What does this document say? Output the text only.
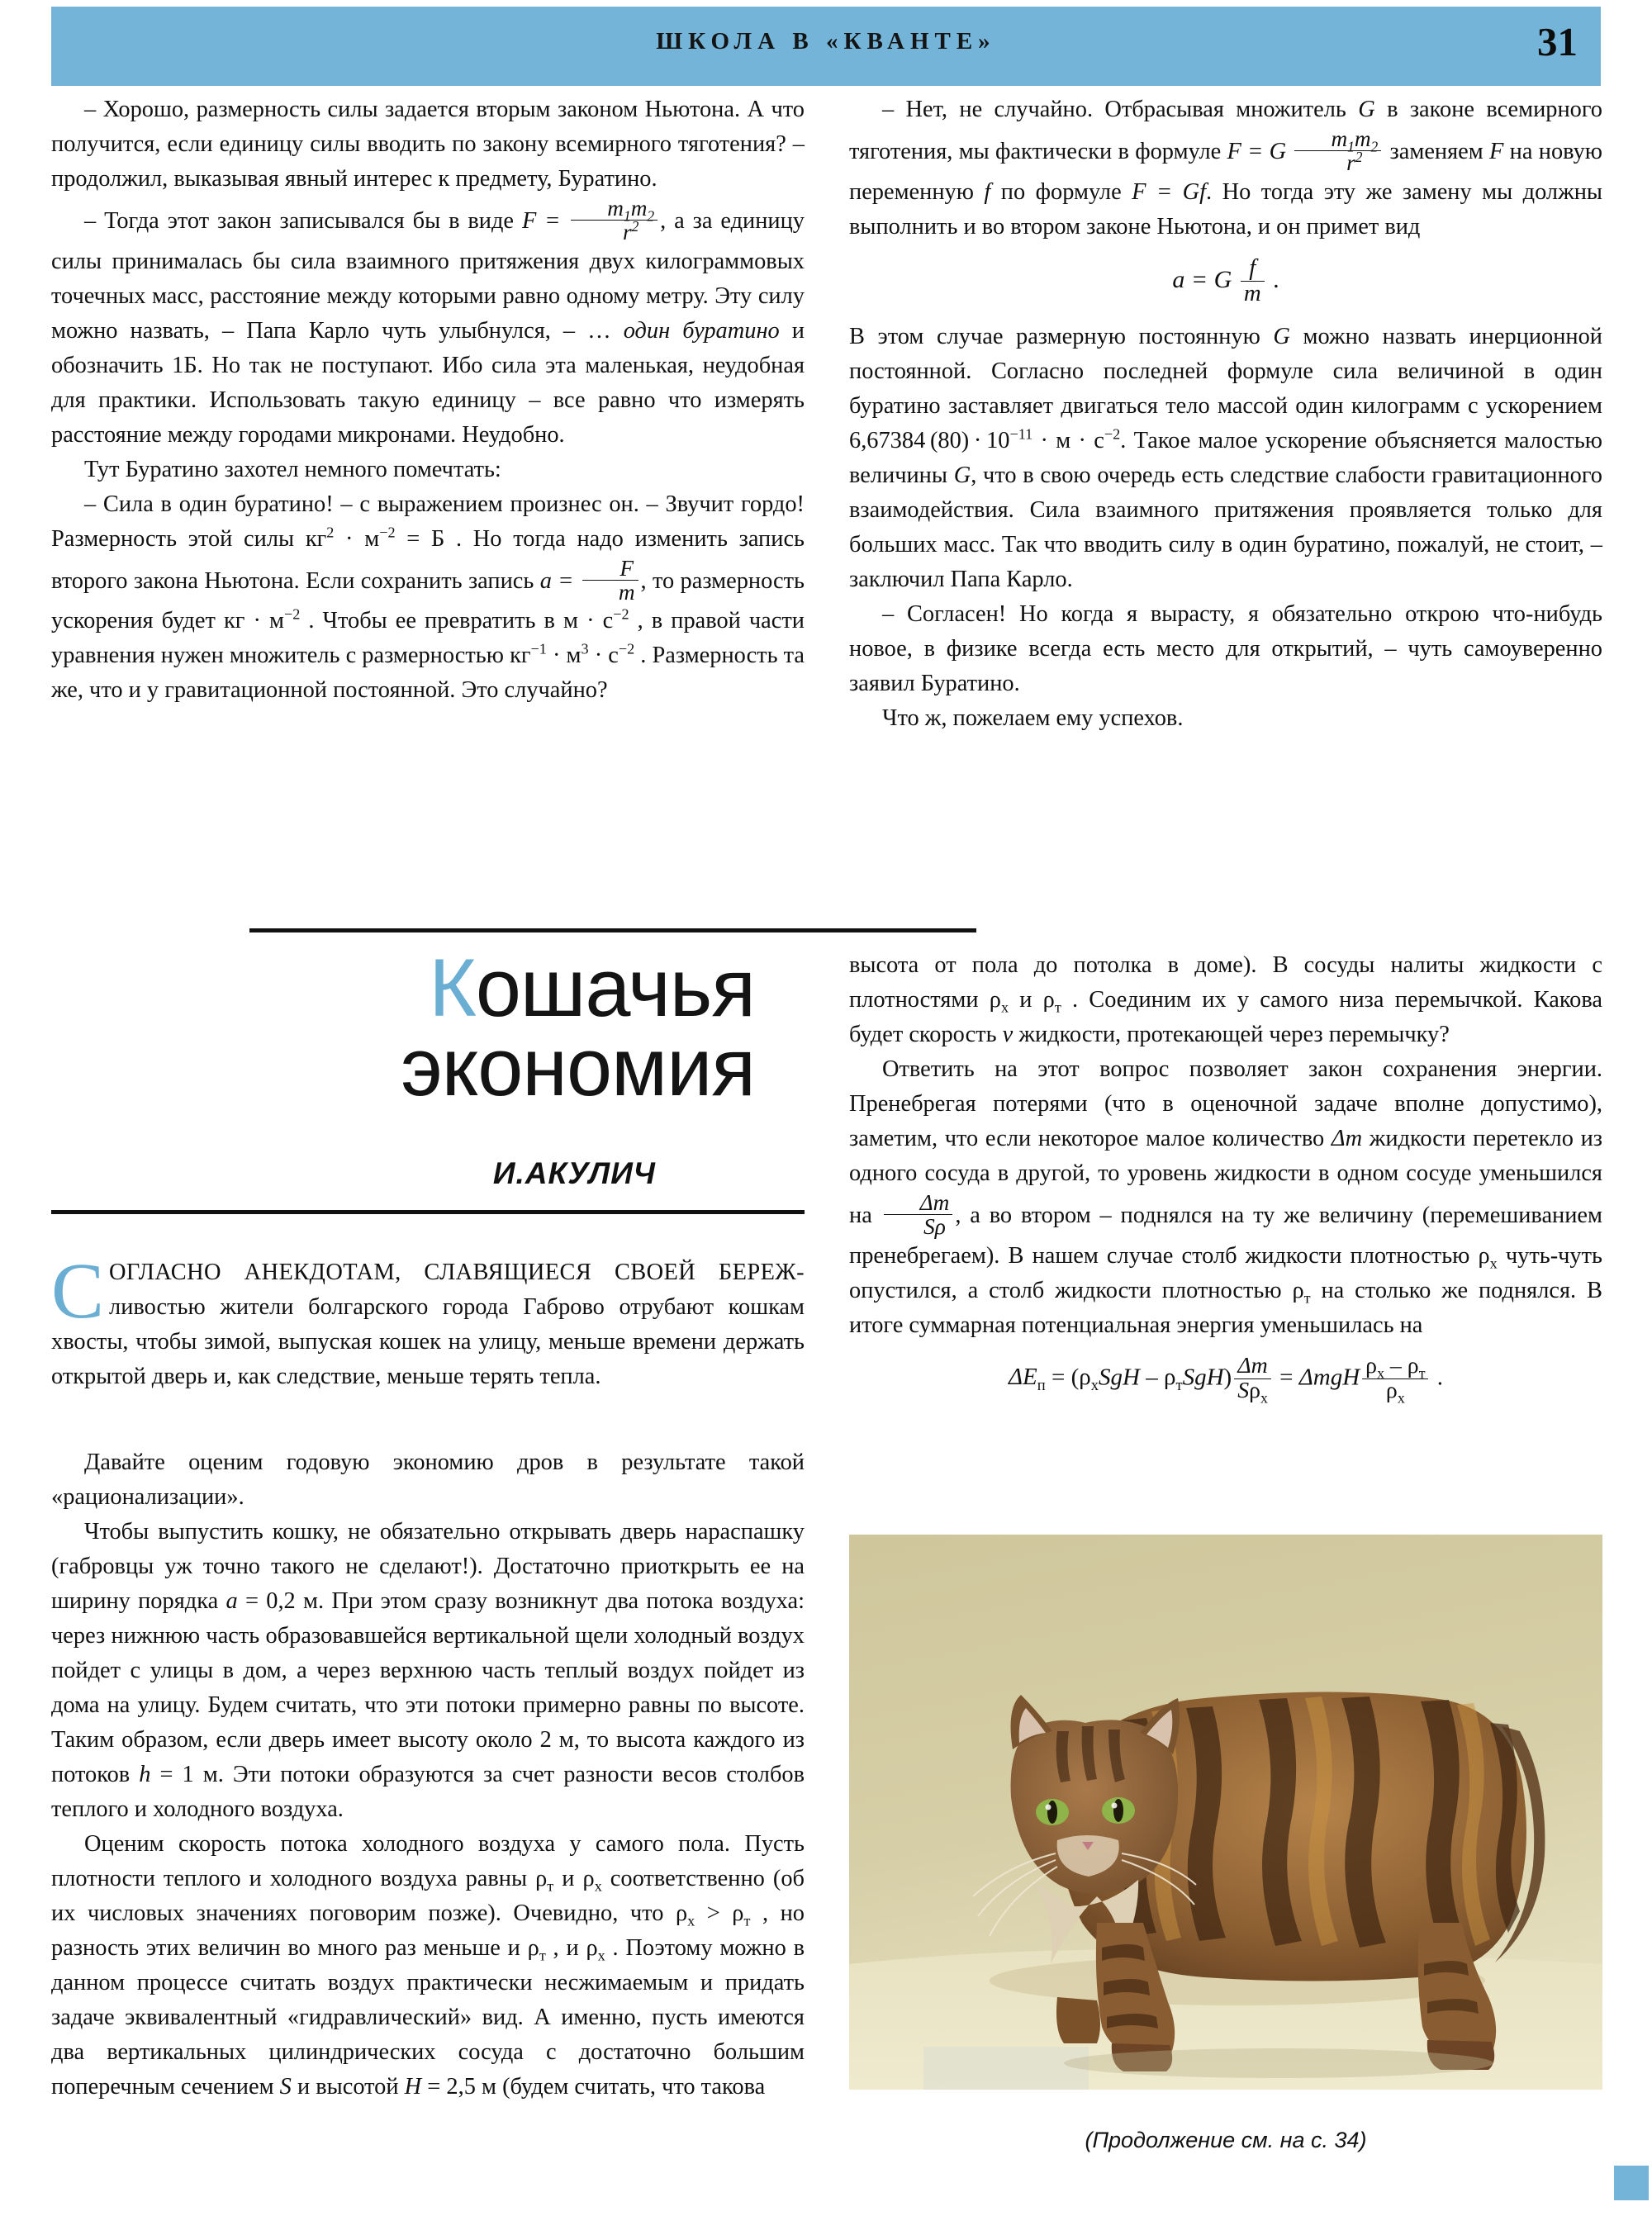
ШКОЛА В «КВАНТЕ»	31

– Хорошо, размерность силы задается вторым законом Ньютона. А что получится, если единицу силы вводить по закону всемирного тяготения? – продолжил, выказывая явный интерес к предмету, Буратино.

– Тогда этот закон записывался бы в виде $F = \frac{m_1m_2}{r^2}$ , а за единицу силы принималась бы сила взаимного притяжения двух килограммовых точечных масс, расстояние между которыми равно одному метру. Эту силу можно назвать, – Папа Карло чуть улыбнулся, – … один буратино и обозначить 1Б. Но так не поступают. Ибо сила эта маленькая, неудобная для практики. Использовать такую единицу – все равно что измерять расстояние между городами микронами. Неудобно.

Тут Буратино захотел немного помечтать:

– Сила в один буратино! – с выражением произнес он. – Звучит гордо! Размерность этой силы $кг^2 \cdot м^{-2} = Б$ . Но тогда надо изменить запись второго закона Ньютона. Если сохранить запись $a = \frac{F}{m}$ , то размерность ускорения будет кг · $м^{-2}$ . Чтобы ее превратить в $м \cdot с^{-2}$ , в правой части уравнения нужен множитель с размерностью $кг^{-1} \cdot м^3 \cdot с^{-2}$ . Размерность та же, что и у гравитационной постоянной. Это случайно?

– Нет, не случайно. Отбрасывая множитель G в законе всемирного тяготения, мы фактически в формуле F = G $\frac{m_1m_2}{r^2}$ заменяем F на новую переменную f по формуле F = Gf. Но тогда эту же замену мы должны выполнить и во втором законе Ньютона, и он примет вид

a = G $\frac{f}{m}$ .

В этом случае размерную постоянную G можно назвать инерционной постоянной. Согласно последней формуле сила величиной в один буратино заставляет двигаться тело массой один килограмм с ускорением 6,67384 $(80) \cdot 10^{-11} \cdot м \cdot с^{-2}$. Такое малое ускорение объясняется малостью величины G, что в свою очередь есть следствие слабости гравитационного взаимодействия. Сила взаимного притяжения проявляется только для больших масс. Так что вводить силу в один буратино, пожалуй, не стоит, – заключил Папа Карло.

– Согласен! Но когда я вырасту, я обязательно открою что-нибудь новое, в физике всегда есть место для открытий, – чуть самоуверенно заявил Буратино.

Что ж, пожелаем ему успехов.

Кошачья
экономия
И.АКУЛИЧ
СОГЛАСНО АНЕКДОТАМ, СЛАВЯЩИЕСЯ СВОЕЙ БЕРЕЖ-ливостью жители болгарского города Габрово отрубают кошкам хвосты, чтобы зимой, выпуская кошек на улицу, меньше времени держать открытой дверь и, как следствие, меньше терять тепла.

Давайте оценим годовую экономию дров в результате такой «рационализации».

Чтобы выпустить кошку, не обязательно открывать дверь нараспашку (габровцы уж точно такого не сделают!). Достаточно приоткрыть ее на ширину порядка a = 0,2 м. При этом сразу возникнут два потока воздуха: через нижнюю часть образовавшейся вертикальной щели холодный воздух пойдет с улицы в дом, а через верхнюю часть теплый воздух пойдет из дома на улицу. Будем считать, что эти потоки примерно равны по высоте. Таким образом, если дверь имеет высоту около 2 м, то высота каждого из потоков h = 1 м. Эти потоки образуются за счет разности весов столбов теплого и холодного воздуха.

Оценим скорость потока холодного воздуха у самого пола. Пусть плотности теплого и холодного воздуха равны $\rho_т$ и $\rho_х$ соответственно (об их числовых значениях поговорим позже). Очевидно, что $\rho_х > \rho_т$ , но разность этих величин во много раз меньше и $\rho_т$ , и $\rho_х$ . Поэтому можно в данном процессе считать воздух практически несжимаемым и придать задаче эквивалентный «гидравлический» вид. А именно, пусть имеются два вертикальных цилиндрических сосуда с достаточно большим поперечным сечением S и высотой H = 2,5 м (будем считать, что такова

высота от пола до потолка в доме). В сосуды налиты жидкости с плотностями $\rho_х$ и $\rho_т$ . Соединим их у самого низа перемычкой. Какова будет скорость v жидкости, протекающей через перемычку?

Ответить на этот вопрос позволяет закон сохранения энергии. Пренебрегая потерями (что в оценочной задаче вполне допустимо), заметим, что если некоторое малое количество Δm жидкости перетекло из одного сосуда в другой, то уровень жидкости в одном сосуде уменьшился на $\frac{\Delta m}{S\rho}$ , а во втором – поднялся на ту же величину (перемешиванием пренебрегаем). В нашем случае столб жидкости плотностью $\rho_х$ чуть-чуть опустился, а столб жидкости плотностью $\rho_т$ на столько же поднялся. В итоге суммарная потенциальная энергия уменьшилась на

$\Delta E_п = (\rho_хSgH - \rho_тSgH) \frac{\Delta m}{S\rho_х} = \Delta mgH \frac{\rho_х - \rho_т}{\rho_х}$ .
(Продолжение см. на с. 34)
